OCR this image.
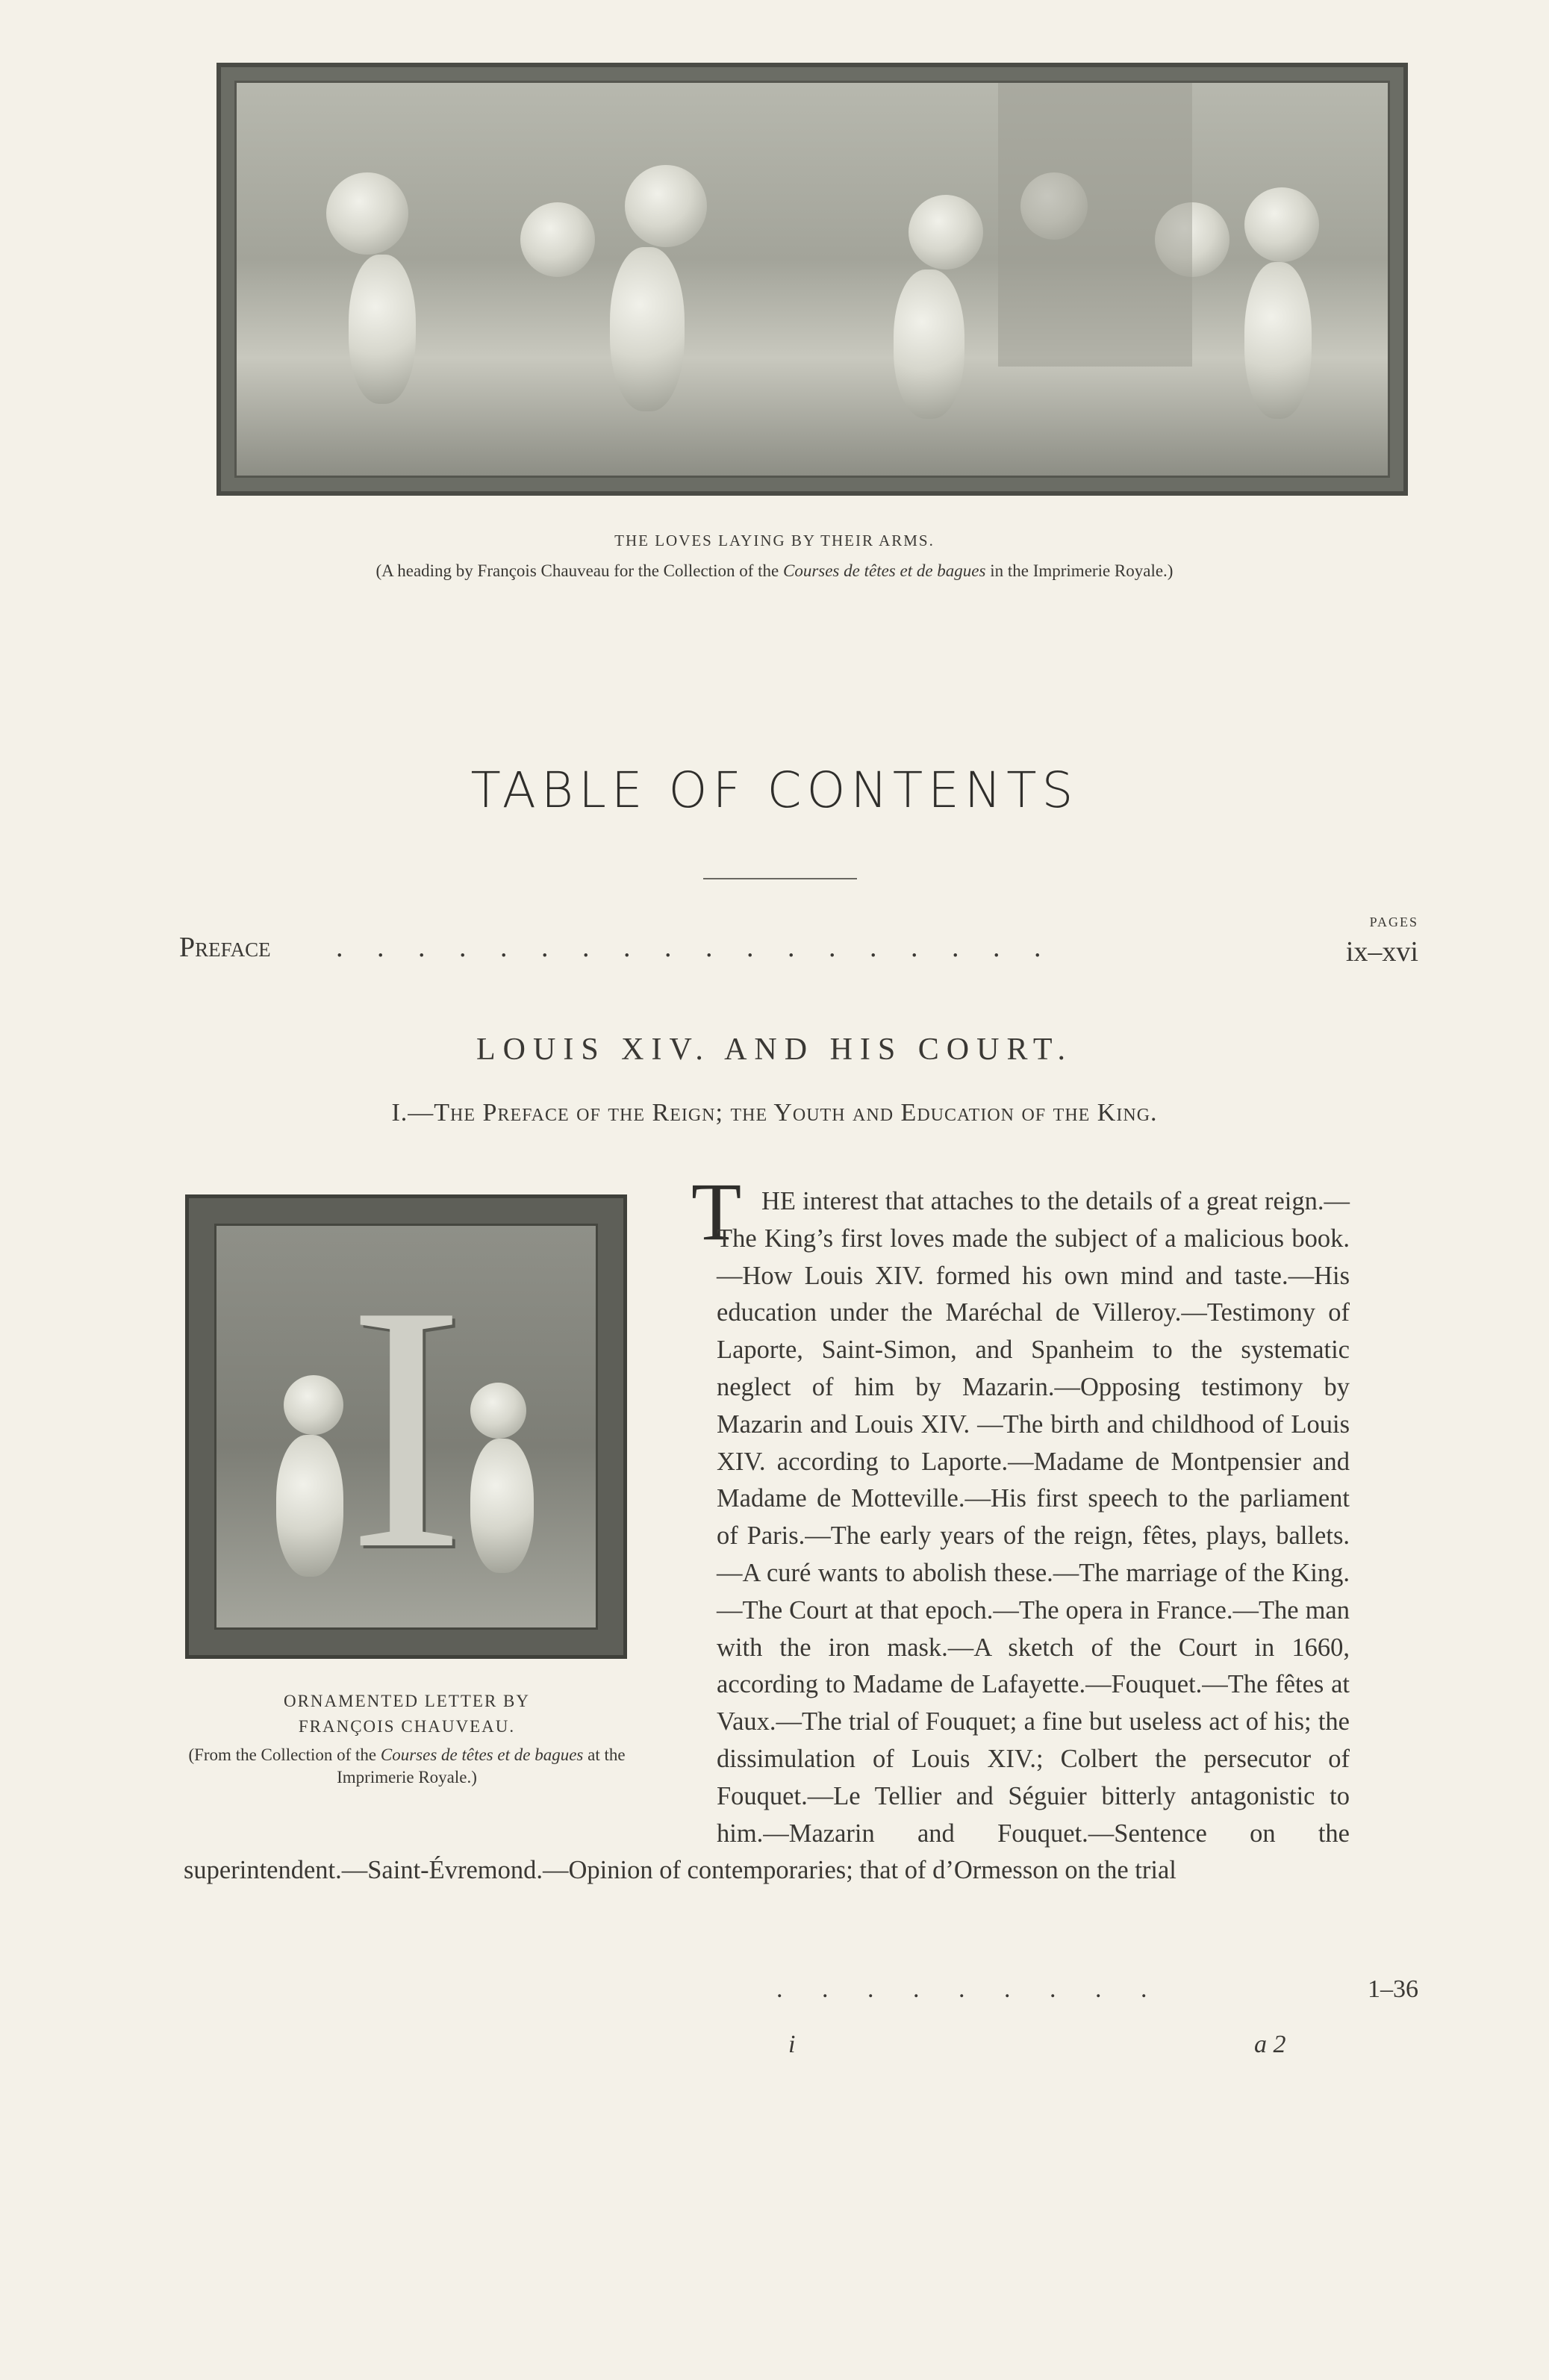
THE LOVES LAYING BY THEIR ARMS.
(A heading by François Chauveau for the Collection of the Courses de têtes et de bagues in the Imprimerie Royale.)
TABLE OF CONTENTS
Preface . . . . . . . . . . . . . . . . . .
PAGES
ix–xvi
LOUIS XIV. AND HIS COURT.
I.—The Preface of the Reign; the Youth and Education of the King.
I
ORNAMENTED LETTER BY
FRANÇOIS CHAUVEAU.
(From the Collection of the Courses de têtes et de bagues at the Imprimerie Royale.)
T HE interest that attaches to the details of a great reign.—The King’s first loves made the subject of a malicious book.—How Louis XIV. formed his own mind and taste.—His education under the Maréchal de Villeroy.—Testimony of Laporte, Saint-Simon, and Spanheim to the systematic neglect of him by Mazarin.—Opposing testimony by Mazarin and Louis XIV. —The birth and childhood of Louis XIV. according to Laporte.—Madame de Montpensier and Madame de Motteville.—His first speech to the parliament of Paris.—The early years of the reign, fêtes, plays, ballets.—A curé wants to abolish these.—The marriage of the King.—The Court at that epoch.—The opera in France.—The man with the iron mask.—A sketch of the Court in 1660, according to Madame de Lafayette.—Fouquet.—The fêtes at Vaux.—The trial of Fouquet; a fine but useless act of his; the dissimulation of Louis XIV.; Colbert the persecutor of Fouquet.—Le Tellier and Séguier bitterly antagonistic to him.—Mazarin and Fouquet.—Sentence on the superintendent.—Saint-Évremond.—Opinion of contemporaries; that of d’Ormesson on the trial
. . . . . . . . .	1–36
i	a 2
